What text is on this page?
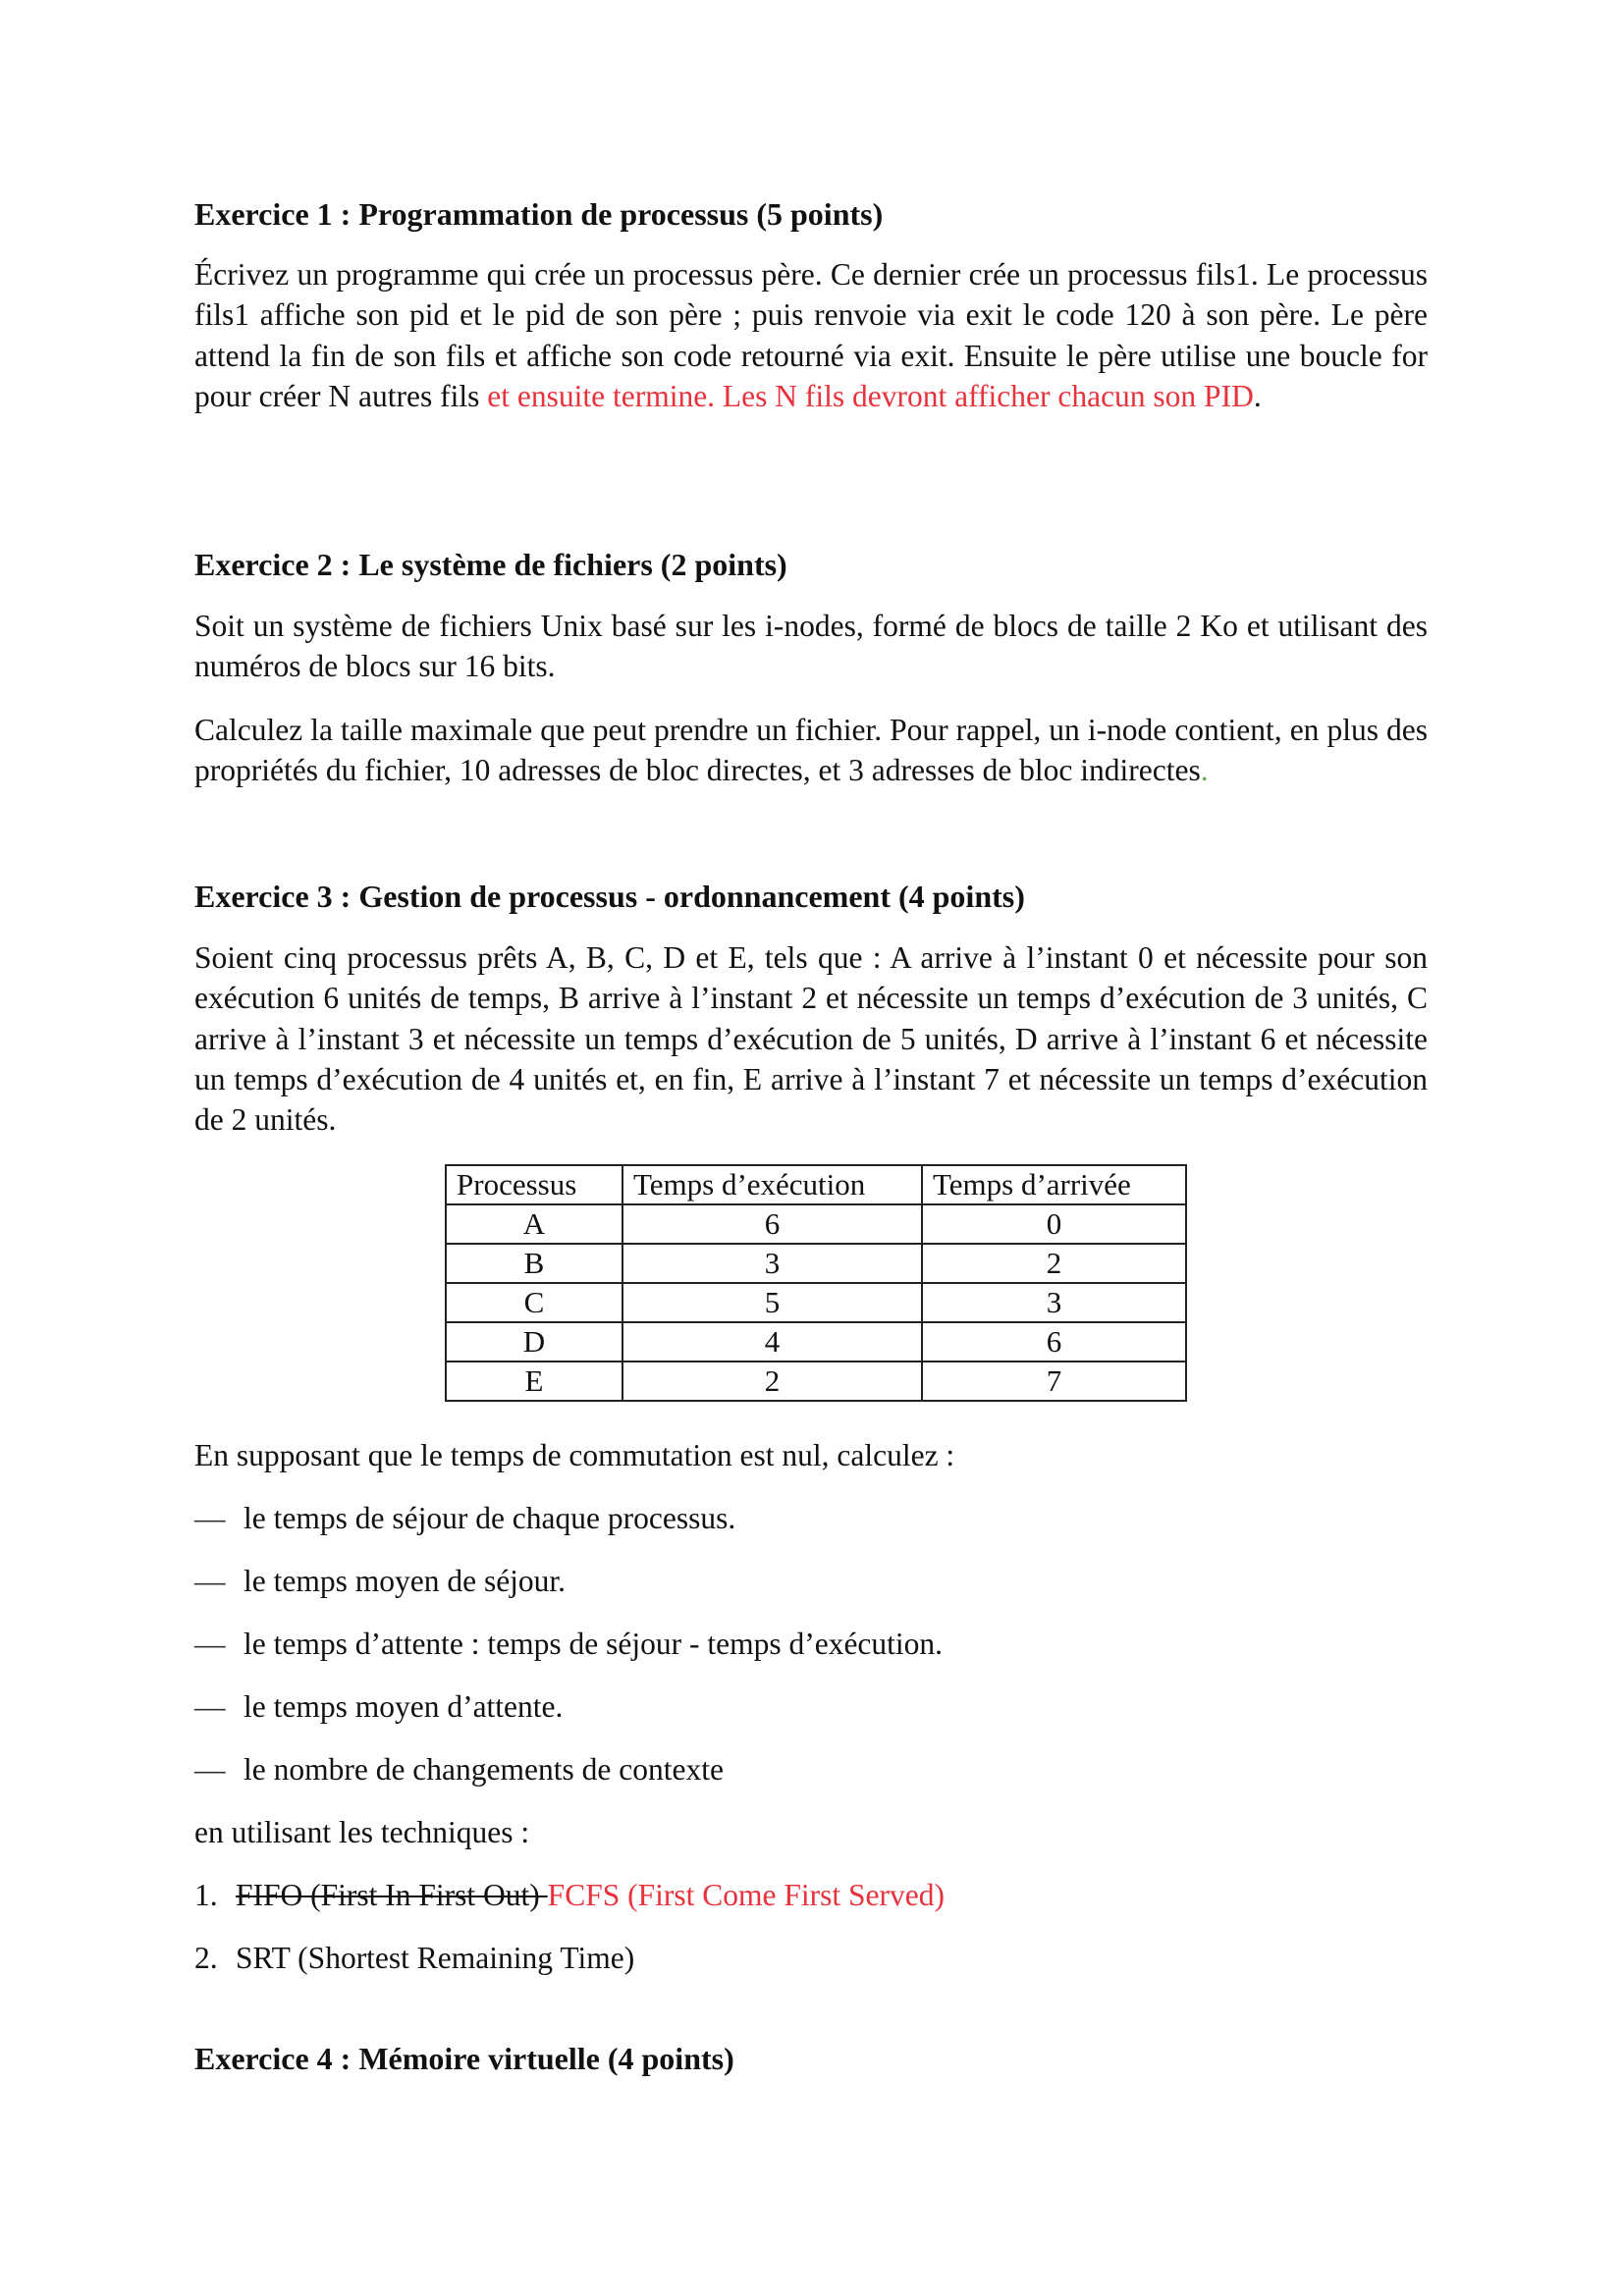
Exercice 1 : Programmation de processus (5 points)

Écrivez un programme qui crée un processus père. Ce dernier crée un processus fils1. Le processus fils1 affiche son pid et le pid de son père ; puis renvoie via exit le code 120 à son père. Le père attend la fin de son fils et affiche son code retourné via exit. Ensuite le père utilise une boucle for pour créer N autres fils et ensuite termine. Les N fils devront afficher chacun son PID.

Exercice 2 : Le système de fichiers (2 points)

Soit un système de fichiers Unix basé sur les i-nodes, formé de blocs de taille 2 Ko et utilisant des numéros de blocs sur 16 bits.

Calculez la taille maximale que peut prendre un fichier. Pour rappel, un i-node contient, en plus des propriétés du fichier, 10 adresses de bloc directes, et 3 adresses de bloc indirectes.

Exercice 3 : Gestion de processus - ordonnancement (4 points)

Soient cinq processus prêts A, B, C, D et E, tels que : A arrive à l’instant 0 et nécessite pour son exécution 6 unités de temps, B arrive à l’instant 2 et nécessite un temps d’exécution de 3 unités, C arrive à l’instant 3 et nécessite un temps d’exécution de 5 unités, D arrive à l’instant 6 et nécessite un temps d’exécution de 4 unités et, en fin, E arrive à l’instant 7 et nécessite un temps d’exécution de 2 unités.

Processus	Temps d’exécution	Temps d’arrivée
A	6	0
B	3	2
C	5	3
D	4	6
E	2	7

En supposant que le temps de commutation est nul, calculez :

— le temps de séjour de chaque processus.

— le temps moyen de séjour.

— le temps d’attente : temps de séjour - temps d’exécution.

— le temps moyen d’attente.

— le nombre de changements de contexte

en utilisant les techniques :

1. FIFO (First In First Out) FCFS (First Come First Served)

2. SRT (Shortest Remaining Time)

Exercice 4 : Mémoire virtuelle (4 points)
